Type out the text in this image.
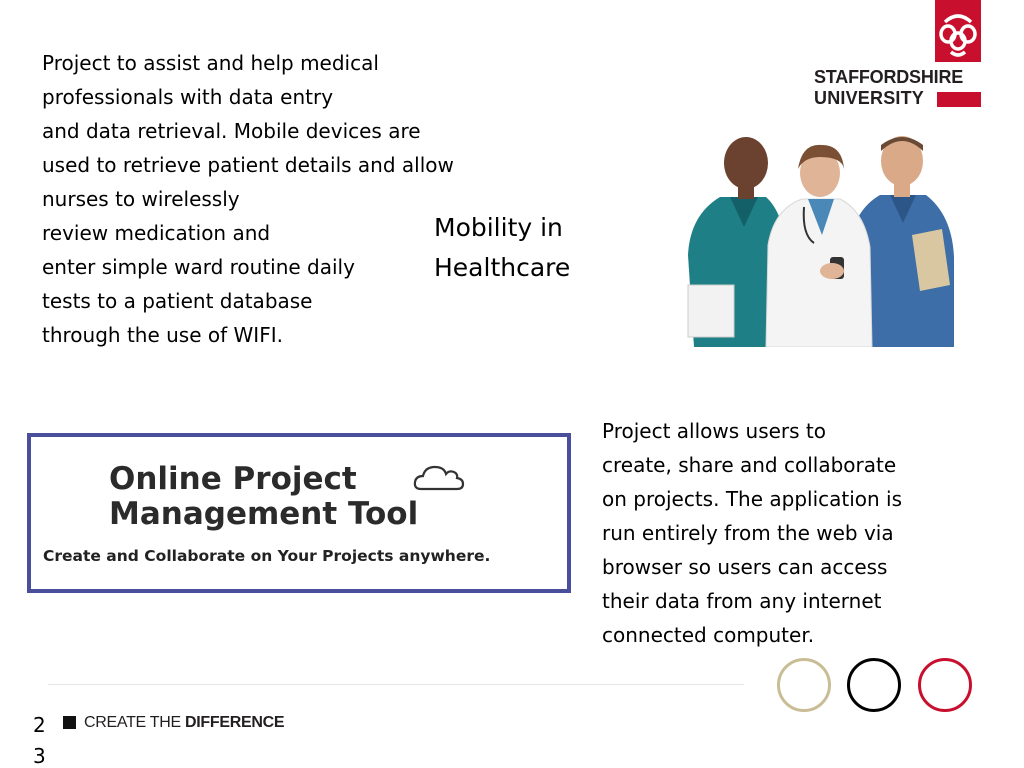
Project to assist and help medical
professionals with data entry
and data retrieval. Mobile devices are
used to retrieve patient details and allow
nurses to wirelessly
review medication and
enter simple ward routine daily
tests to a patient database
through the use of WIFI.
Mobility in
Healthcare
STAFFORDSHIRE
UNIVERSITY
Online Project
Management Tool
Create and Collaborate on Your Projects anywhere.
Project allows users to
create, share and collaborate
on projects. The application is
run entirely from the web via
browser so users can access
their data from any internet
connected computer.
2
3
CREATE THE DIFFERENCE
